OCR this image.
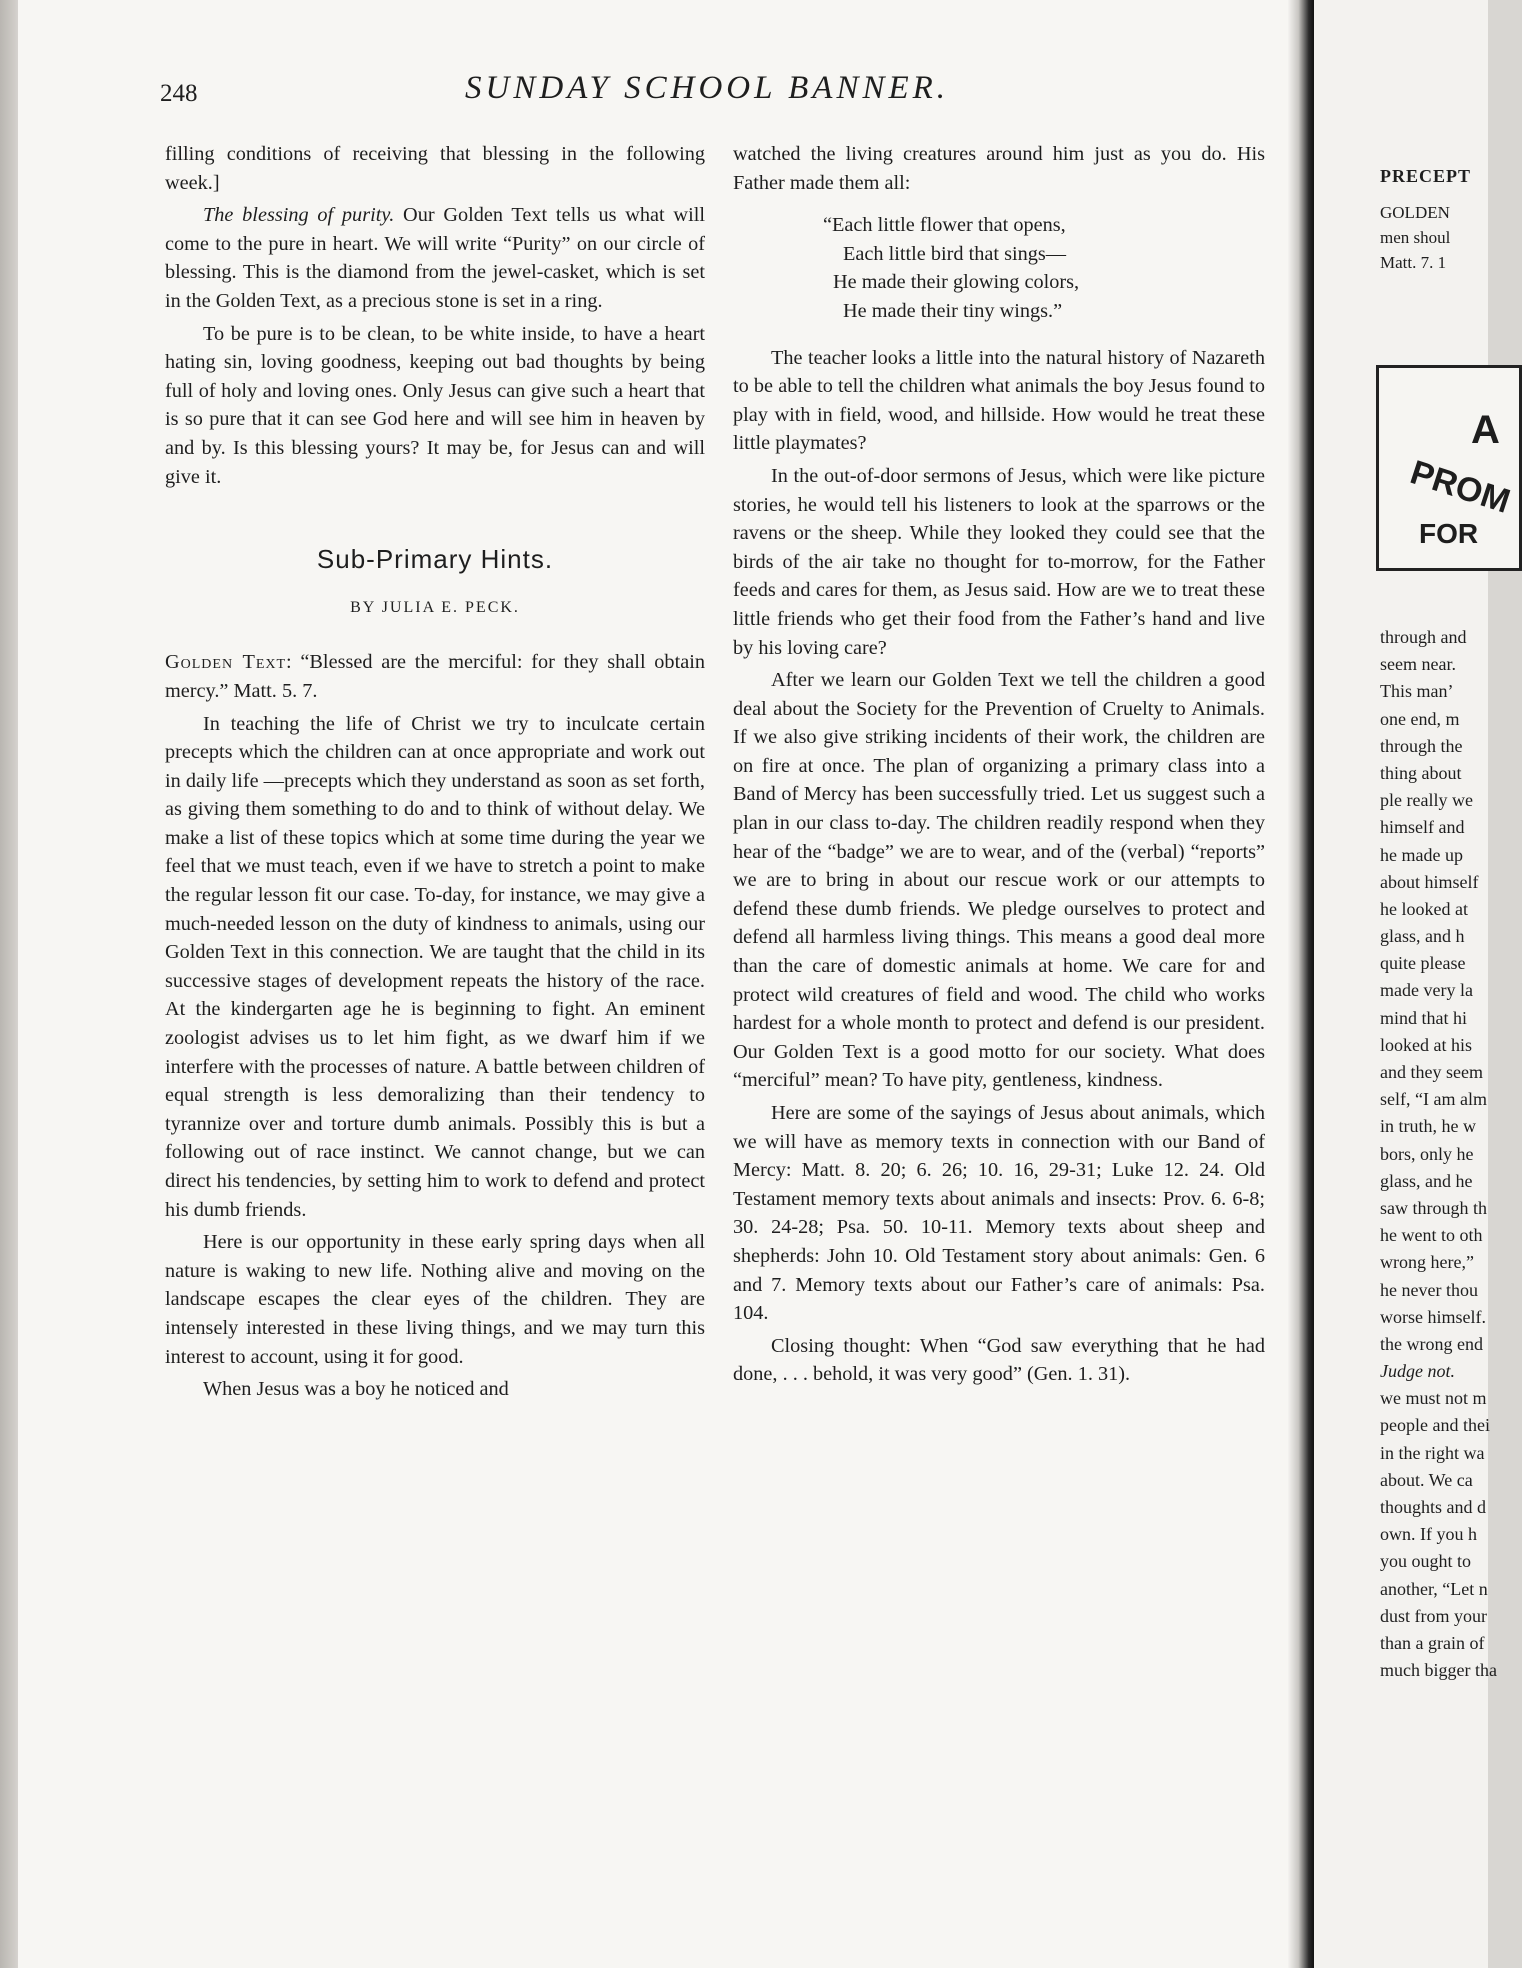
248	SUNDAY SCHOOL BANNER.

filling conditions of receiving that blessing in the following week.]

The blessing of purity. Our Golden Text tells us what will come to the pure in heart. We will write “Purity” on our circle of blessing. This is the diamond from the jewel-casket, which is set in the Golden Text, as a precious stone is set in a ring.

To be pure is to be clean, to be white inside, to have a heart hating sin, loving goodness, keeping out bad thoughts by being full of holy and loving ones. Only Jesus can give such a heart that is so pure that it can see God here and will see him in heaven by and by. Is this blessing yours? It may be, for Jesus can and will give it.

Sub-Primary Hints.
BY JULIA E. PECK.

Golden Text: “Blessed are the merciful: for they shall obtain mercy.” Matt. 5. 7.

In teaching the life of Christ we try to inculcate certain precepts which the children can at once appropriate and work out in daily life —precepts which they understand as soon as set forth, as giving them something to do and to think of without delay. We make a list of these topics which at some time during the year we feel that we must teach, even if we have to stretch a point to make the regular lesson fit our case. To-day, for instance, we may give a much-needed lesson on the duty of kindness to animals, using our Golden Text in this connection. We are taught that the child in its successive stages of development repeats the history of the race. At the kindergarten age he is beginning to fight. An eminent zoologist advises us to let him fight, as we dwarf him if we interfere with the processes of nature. A battle between children of equal strength is less demoralizing than their tendency to tyrannize over and torture dumb animals. Possibly this is but a following out of race instinct. We cannot change, but we can direct his tendencies, by setting him to work to defend and protect his dumb friends.

Here is our opportunity in these early spring days when all nature is waking to new life. Nothing alive and moving on the landscape escapes the clear eyes of the children. They are intensely interested in these living things, and we may turn this interest to account, using it for good.

When Jesus was a boy he noticed and

watched the living creatures around him just as you do. His Father made them all:

“Each little flower that opens,
Each little bird that sings—
He made their glowing colors,
He made their tiny wings.”

The teacher looks a little into the natural history of Nazareth to be able to tell the children what animals the boy Jesus found to play with in field, wood, and hillside. How would he treat these little playmates?

In the out-of-door sermons of Jesus, which were like picture stories, he would tell his listeners to look at the sparrows or the ravens or the sheep. While they looked they could see that the birds of the air take no thought for to-morrow, for the Father feeds and cares for them, as Jesus said. How are we to treat these little friends who get their food from the Father’s hand and live by his loving care?

After we learn our Golden Text we tell the children a good deal about the Society for the Prevention of Cruelty to Animals. If we also give striking incidents of their work, the children are on fire at once. The plan of organizing a primary class into a Band of Mercy has been successfully tried. Let us suggest such a plan in our class to-day. The children readily respond when they hear of the “badge” we are to wear, and of the (verbal) “reports” we are to bring in about our rescue work or our attempts to defend these dumb friends. We pledge ourselves to protect and defend all harmless living things. This means a good deal more than the care of domestic animals at home. We care for and protect wild creatures of field and wood. The child who works hardest for a whole month to protect and defend is our president. Our Golden Text is a good motto for our society. What does “merciful” mean? To have pity, gentleness, kindness.

Here are some of the sayings of Jesus about animals, which we will have as memory texts in connection with our Band of Mercy: Matt. 8. 20; 6. 26; 10. 16, 29-31; Luke 12. 24. Old Testament memory texts about animals and insects: Prov. 6. 6-8; 30. 24-28; Psa. 50. 10-11. Memory texts about sheep and shepherds: John 10. Old Testament story about animals: Gen. 6 and 7. Memory texts about our Father’s care of animals: Psa. 104.

Closing thought: When “God saw everything that he had done, . . . behold, it was very good” (Gen. 1. 31).

PRECEPT
GOLDEN
men shoul
Matt. 7. 1
A
PROM
FOR
through and
seem near.
This man’
one end, m
through the
thing about
ple really we
himself and
he made up
about himself
he looked at
glass, and h
quite please
made very la
mind that hi
looked at his
and they seem
self, “I am alm
in truth, he w
bors, only he
glass, and he
saw through th
he went to oth
wrong here,”
he never thou
worse himself.
the wrong end
Judge not.
we must not m
people and thei
in the right wa
about. We ca
thoughts and d
own. If you h
you ought to
another, “Let n
dust from your
than a grain of
much bigger tha
